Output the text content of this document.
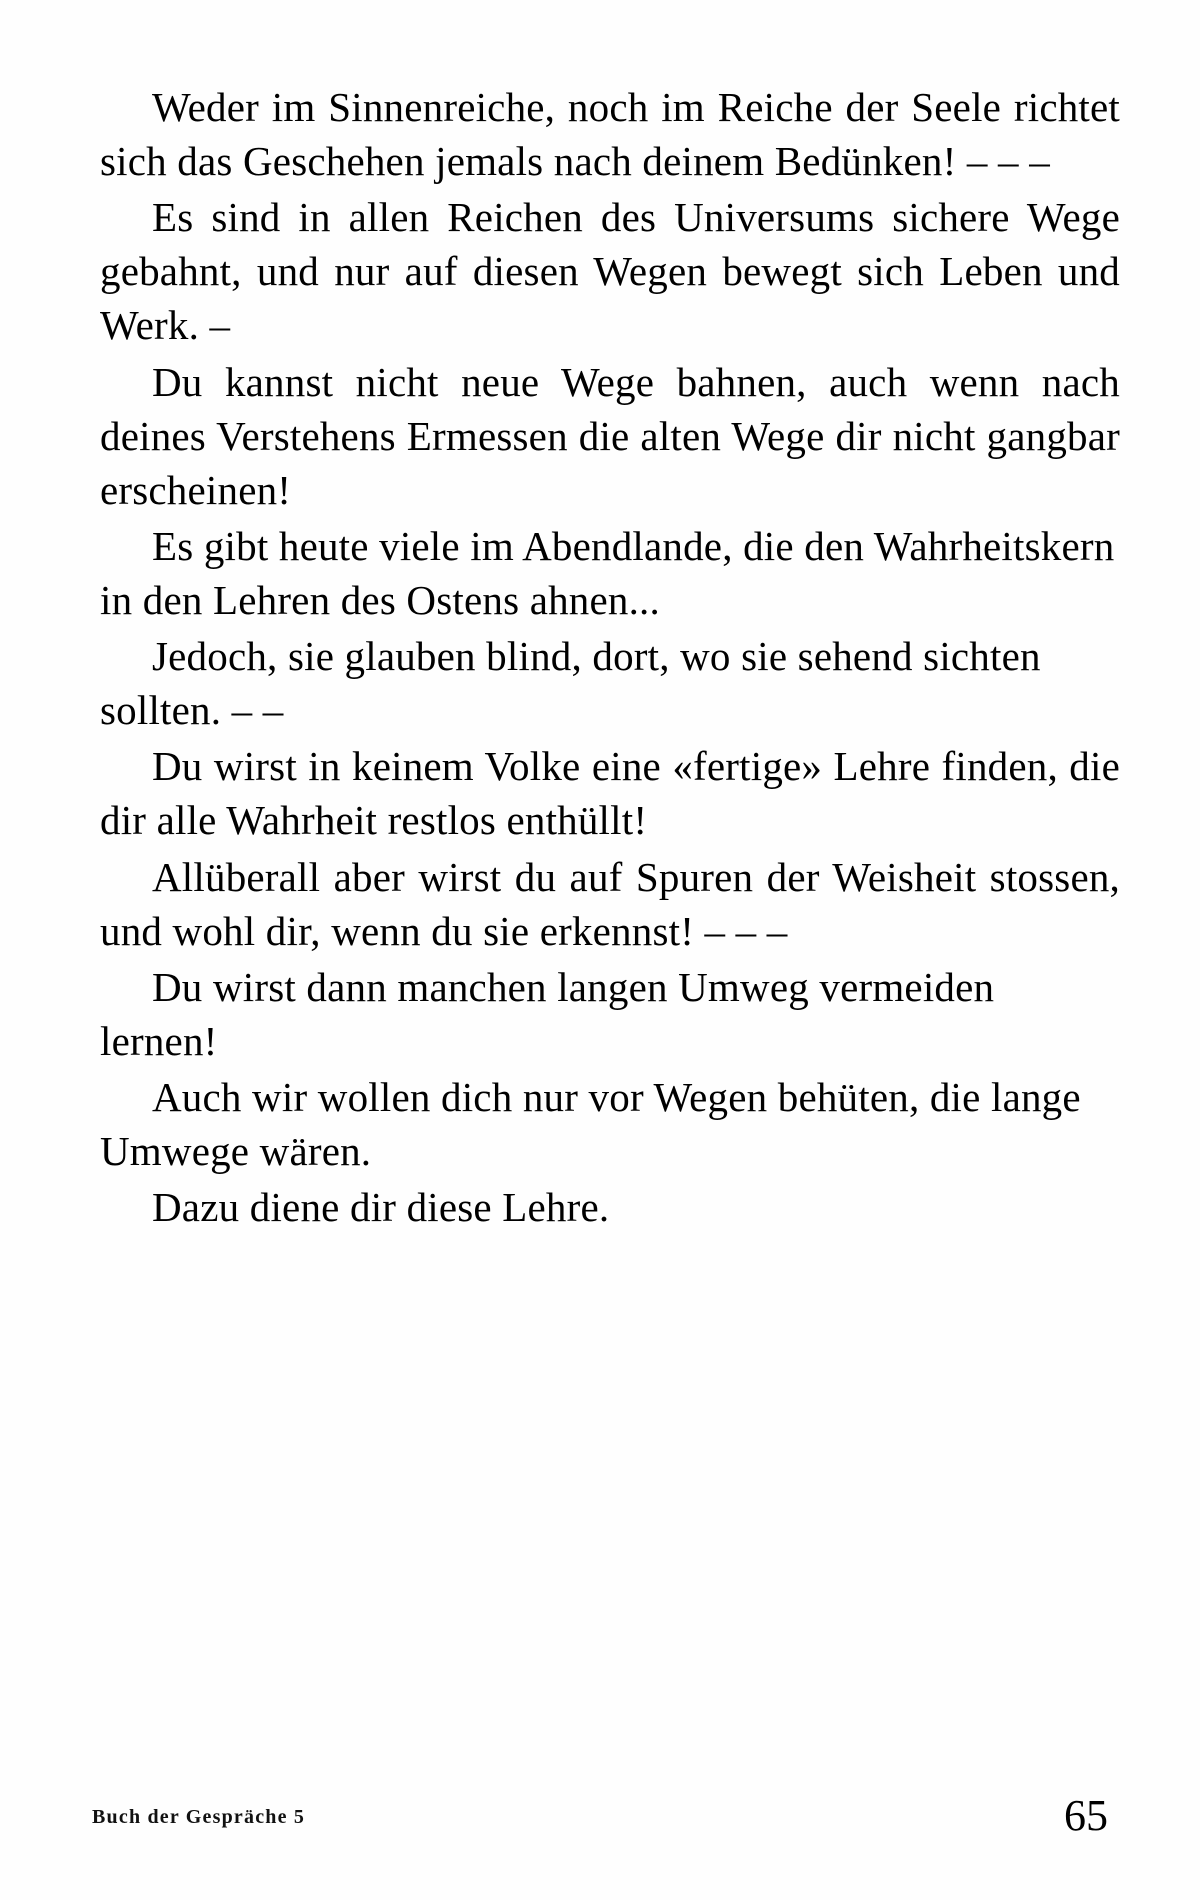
Weder im Sinnenreiche, noch im Reiche der Seele richtet sich das Geschehen jemals nach deinem Bedünken! – – –

Es sind in allen Reichen des Universums sichere Wege gebahnt, und nur auf diesen Wegen bewegt sich Leben und Werk. –

Du kannst nicht neue Wege bahnen, auch wenn nach deines Verstehens Ermessen die alten Wege dir nicht gangbar erscheinen!

Es gibt heute viele im Abendlande, die den Wahrheitskern in den Lehren des Ostens ahnen...

Jedoch, sie glauben blind, dort, wo sie sehend sichten sollten. – –

Du wirst in keinem Volke eine «fertige» Lehre finden, die dir alle Wahrheit restlos enthüllt!

Allüberall aber wirst du auf Spuren der Weisheit stossen, und wohl dir, wenn du sie erkennst! – – –

Du wirst dann manchen langen Umweg vermeiden lernen!

Auch wir wollen dich nur vor Wegen behüten, die lange Umwege wären.

Dazu diene dir diese Lehre.

Buch der Gespräche 5	65
